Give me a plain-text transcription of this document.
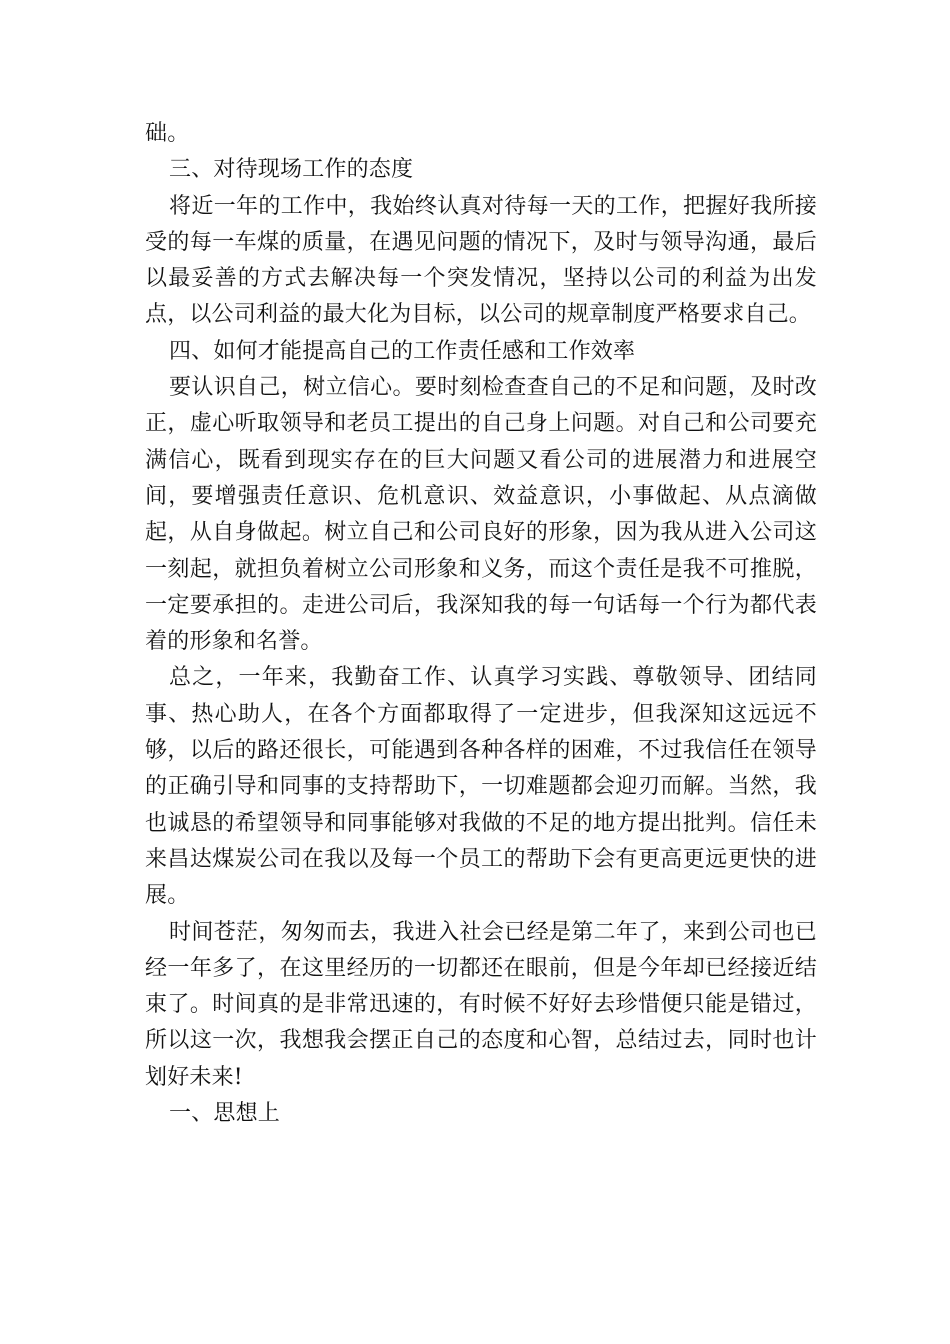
础。

三、对待现场工作的态度

将近一年的工作中，我始终认真对待每一天的工作，把握好我所接受的每一车煤的质量，在遇见问题的情况下，及时与领导沟通，最后以最妥善的方式去解决每一个突发情况，坚持以公司的利益为出发点，以公司利益的最大化为目标，以公司的规章制度严格要求自己。

四、如何才能提高自己的工作责任感和工作效率

要认识自己，树立信心。要时刻检查查自己的不足和问题，及时改正，虚心听取领导和老员工提出的自己身上问题。对自己和公司要充满信心，既看到现实存在的巨大问题又看公司的进展潜力和进展空间，要增强责任意识、危机意识、效益意识，小事做起、从点滴做起，从自身做起。树立自己和公司良好的形象，因为我从进入公司这一刻起，就担负着树立公司形象和义务，而这个责任是我不可推脱，一定要承担的。走进公司后，我深知我的每一句话每一个行为都代表着的形象和名誉。

总之，一年来，我勤奋工作、认真学习实践、尊敬领导、团结同事、热心助人，在各个方面都取得了一定进步，但我深知这远远不够，以后的路还很长，可能遇到各种各样的困难，不过我信任在领导的正确引导和同事的支持帮助下，一切难题都会迎刃而解。当然，我也诚恳的希望领导和同事能够对我做的不足的地方提出批判。信任未来昌达煤炭公司在我以及每一个员工的帮助下会有更高更远更快的进展。

时间苍茫，匆匆而去，我进入社会已经是第二年了，来到公司也已经一年多了，在这里经历的一切都还在眼前，但是今年却已经接近结束了。时间真的是非常迅速的，有时候不好好去珍惜便只能是错过，所以这一次，我想我会摆正自己的态度和心智，总结过去，同时也计划好未来!

一、思想上
